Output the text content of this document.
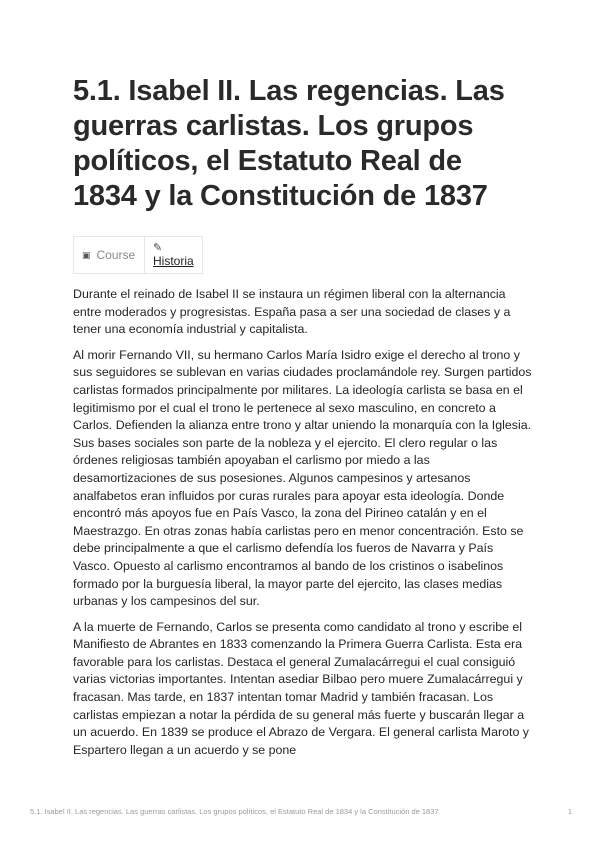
5.1. Isabel II. Las regencias. Las guerras carlistas. Los grupos políticos, el Estatuto Real de 1834 y la Constitución de 1837
▣ Course
✎
Historia

Durante el reinado de Isabel II se instaura un régimen liberal con la alternancia entre moderados y progresistas. España pasa a ser una sociedad de clases y a tener una economía industrial y capitalista.

Al morir Fernando VII, su hermano Carlos María Isidro exige el derecho al trono y sus seguidores se sublevan en varias ciudades proclamándole rey. Surgen partidos carlistas formados principalmente por militares. La ideología carlista se basa en el legitimismo por el cual el trono le pertenece al sexo masculino, en concreto a Carlos. Defienden la alianza entre trono y altar uniendo la monarquía con la Iglesia. Sus bases sociales son parte de la nobleza y el ejercito. El clero regular o las órdenes religiosas también apoyaban el carlismo por miedo a las desamortizaciones de sus posesiones. Algunos campesinos y artesanos analfabetos eran influidos por curas rurales para apoyar esta ideología. Donde encontró más apoyos fue en País Vasco, la zona del Pirineo catalán y en el Maestrazgo. En otras zonas había carlistas pero en menor concentración. Esto se debe principalmente a que el carlismo defendía los fueros de Navarra y País Vasco. Opuesto al carlismo encontramos al bando de los cristinos o isabelinos formado por la burguesía liberal, la mayor parte del ejercito, las clases medias urbanas y los campesinos del sur.

A la muerte de Fernando, Carlos se presenta como candidato al trono y escribe el Manifiesto de Abrantes en 1833 comenzando la Primera Guerra Carlista. Esta era favorable para los carlistas. Destaca el general Zumalacárregui el cual consiguió varias victorias importantes. Intentan asediar Bilbao pero muere Zumalacárregui y fracasan. Mas tarde, en 1837 intentan tomar Madrid y también fracasan. Los carlistas empiezan a notar la pérdida de su general más fuerte y buscarán llegar a un acuerdo. En 1839 se produce el Abrazo de Vergara. El general carlista Maroto y Espartero llegan a un acuerdo y se pone

5.1. Isabel II. Las regencias. Las guerras carlistas. Los grupos políticos, el Estatuto Real de 1834 y la Constitución de 1837	1
